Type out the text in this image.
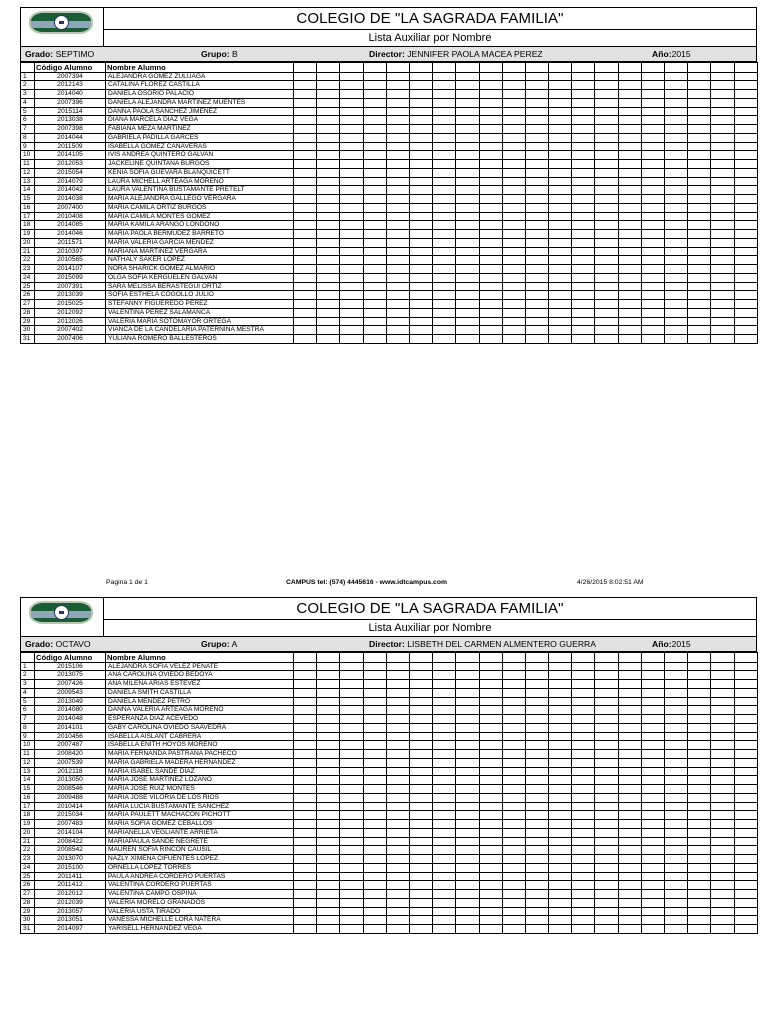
COLEGIO DE "LA SAGRADA FAMILIA"
Lista Auxiliar por Nombre
Grado: SEPTIMO	Grupo: B	Director: JENNIFER PAOLA MACEA PEREZ	Año:2015
	Código Alumno	Nombre Alumno																				
1	2007394	ALEJANDRA GOMEZ ZULUAGA																				
2	2012143	CATALINA FLOREZ CASTILLA																				
3	2014040	DANIELA OSORIO PALACIO																				
4	2007396	DANIELA ALEJANDRA MARTINEZ MUENTES																				
5	2015114	DANNA PAOLA SANCHEZ JIMENEZ																				
6	2013038	DIANA MARCELA DIAZ VEGA																				
7	2007398	FABIANA MEZA MARTINEZ																				
8	2014044	GABRIELA PADILLA GARCES																				
9	2011509	ISABELLA GOMEZ CANAVERAS																				
10	2014105	IVIS ANDREA QUINTERO GALVAN																				
11	2012053	JACKELINE QUINTANA BURGOS																				
12	2015054	KENIA SOFIA GUEVARA BLANQUICETT																				
13	2014079	LAURA MICHELL ARTEAGA MORENO																				
14	2014042	LAURA VALENTINA BUSTAMANTE PRETELT																				
15	2014038	MARIA ALEJANDRA GALLEGO VERGARA																				
16	2007400	MARIA CAMILA ORTIZ BURGOS																				
17	2010408	MARIA CAMILA MONTES GOMEZ																				
18	2014085	MARIA KAMILA ARANGO LONDONO																				
19	2014046	MARIA PAOLA BERMUDEZ BARRETO																				
20	2011571	MARIA VALERIA GARCIA MENDEZ																				
21	2010397	MARIANA MARTINEZ VERGARA																				
22	2010565	NATHALY SAKER LOPEZ																				
23	2014107	NORA SHARICK GOMEZ ALMARIO																				
24	2015099	OLGA SOFIA KERGUELEN GALVAN																				
25	2007391	SARA MELISSA BERASTEGUI ORTIZ																				
26	2013039	SOFIA ESTHELA COGOLLO JULIO																				
27	2015025	STEFANNY FIGUEREDO PEREZ																				
28	2012092	VALENTINA PEREZ SALAMANCA																				
29	2012026	VALERIA MARIA SOTOMAYOR ORTEGA																				
30	2007402	VIANCA DE LA CANDELARIA PATERNINA MESTRA																				
31	2007406	YULIANA ROMERO BALLESTEROS																				
Pagina 1 de 1	CAMPUS tel: (574) 4445616 - www.idtcampus.com	4/26/2015 8:02:51 AM
COLEGIO DE "LA SAGRADA FAMILIA"
Lista Auxiliar por Nombre
Grado: OCTAVO	Grupo: A	Director: LISBETH DEL CARMEN ALMENTERO GUERRA	Año:2015
	Código Alumno	Nombre Alumno																				
1	2015106	ALEJANDRA SOFIA VELEZ PENATE																				
2	2013075	ANA CAROLINA OVIEDO BEDOYA																				
3	2007426	ANA MILENA ARIAS ESTEVEZ																				
4	2009543	DANIELA SMITH CASTILLA																				
5	2013049	DANIELA MENDEZ PETRO																				
6	2014080	DANNA VALERIA ARTEAGA MORENO																				
7	2014048	ESPERANZA DIAZ ACEVEDO																				
8	2014101	GABY CAROLINA OVIEDO SAAVEDRA																				
9	2010456	ISABELLA AISLANT CABRERA																				
10	2007487	ISABELLA ENITH HOYOS MORENO																				
11	2008420	MARIA FERNANDA PASTRANA PACHECO																				
12	2007539	MARIA GABRIELA MADERA HERNANDEZ																				
13	2012118	MARIA ISABEL SANDE DIAZ																				
14	2013050	MARIA JOSE MARTINEZ LOZANO																				
15	2008546	MARIA JOSE RUIZ MONTES																				
16	2009488	MARIA JOSE VILORIA DE LOS RIOS																				
17	2010414	MARIA LUCIA BUSTAMANTE SANCHEZ																				
18	2015034	MARIA PAULETT MACHACON PICHOTT																				
19	2007483	MARIA SOFIA GOMEZ CEBALLOS																				
20	2014104	MARIANELLA VEGLIANTE ARRIETA																				
21	2008422	MARIAPAULA SANDE NEGRETE																				
22	2008542	MAUREN SOFIA RINCON CAUSIL																				
23	2013070	NAZLY XIMENA CIFUENTES LOPEZ																				
24	2015100	ORNELLA LOPEZ TORRES																				
25	2011411	PAULA ANDREA CORDERO PUERTAS																				
26	2011412	VALENTINA CORDERO PUERTAS																				
27	2012012	VALENTINA CAMPO OSPINA																				
28	2012039	VALERIA MORELO GRANADOS																				
29	2013057	VALERIA USTA TIRADO																				
30	2013051	VANESSA MICHELLE LORA NATERA																				
31	2014097	YARISELL HERNANDEZ VEGA																				
